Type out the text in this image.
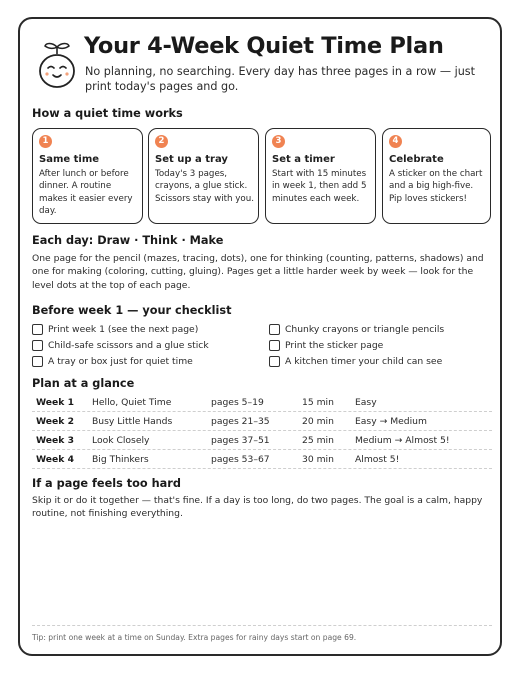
Your 4-Week Quiet Time Plan
No planning, no searching. Every day has three pages in a row — just print today's pages and go.
How a quiet time works
1
Same time
After lunch or before dinner. A routine makes it easier every day.
2
Set up a tray
Today's 3 pages, crayons, a glue stick. Scissors stay with you.
3
Set a timer
Start with 15 minutes in week 1, then add 5 minutes each week.
4
Celebrate
A sticker on the chart and a big high-five. Pip loves stickers!
Each day: Draw · Think · Make
One page for the pencil (mazes, tracing, dots), one for thinking (counting, patterns, shadows) and one for making (coloring, cutting, gluing). Pages get a little harder week by week — look for the level dots at the top of each page.
Before week 1 — your checklist
Print week 1 (see the next page)
Child-safe scissors and a glue stick
A tray or box just for quiet time
Chunky crayons or triangle pencils
Print the sticker page
A kitchen timer your child can see
Plan at a glance
Week 1 Hello, Quiet Time	pages 5–19	15 min Easy
Week 2 Busy Little Hands	pages 21–35	20 min Easy → Medium
Week 3 Look Closely	pages 37–51	25 min Medium → Almost 5!
Week 4 Big Thinkers	pages 53–67	30 min Almost 5!
If a page feels too hard
Skip it or do it together — that's fine. If a day is too long, do two pages. The goal is a calm, happy routine, not finishing everything.
Tip: print one week at a time on Sunday. Extra pages for rainy days start on page 69.
